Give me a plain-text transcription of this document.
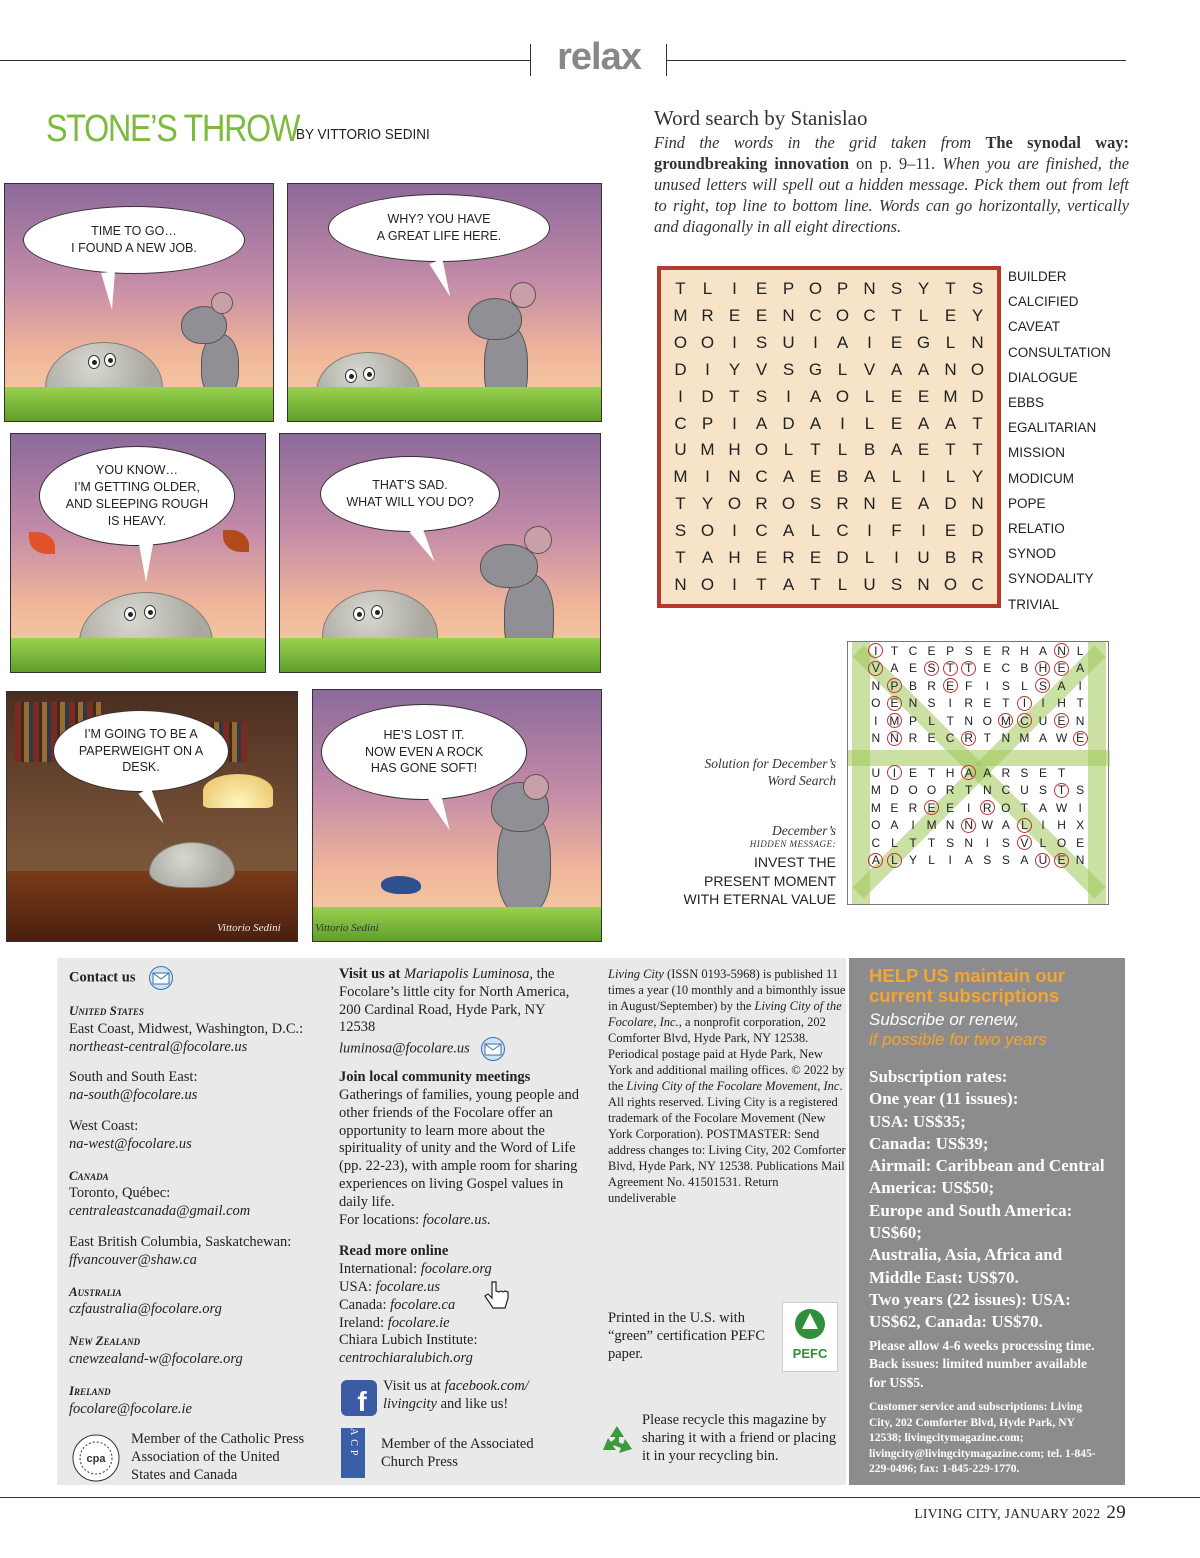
relax
STONE’S THROW
BY VITTORIO SEDINI
TIME TO GO…
I FOUND A NEW JOB.
WHY? YOU HAVE
A GREAT LIFE HERE.
YOU KNOW…
I’M GETTING OLDER,
AND SLEEPING ROUGH
IS HEAVY.
THAT’S SAD.
WHAT WILL YOU DO?
I’M GOING TO BE A
PAPERWEIGHT ON A DESK.
Vittorio Sedini
HE’S LOST IT.
NOW EVEN A ROCK
HAS GONE SOFT!
Vittorio Sedini
Word search by Stanislao
Find the words in the grid taken from The synodal way: groundbreaking innovation on p. 9–11. When you are finished, the unused letters will spell out a hidden message. Pick them out from left to right, top line to bottom line. Words can go horizontally, vertically and diagonally in all eight directions.
T	L	I	E P O P N S Y T S
M R E E N C O C T	L E Y
O O	I	S U	I	A	I	E G L N
D	I	Y V S G L V A A N O
I	D T S	I	A O L E E M D
C P	I	A D A	I	L E A A T
U M H O L	T	L B A E T T
M	I	N C A E B A L	I	L Y
T Y O R O S R N E A D N
S O	I	C A L C	I	F	I	E D
T A H E R E D L	I	U B R
N O	I	T A T	L U S N O C
BUILDER
CALCIFIED
CAVEAT
CONSULTATION
DIALOGUE
EBBS
EGALITARIAN
MISSION
MODICUM
POPE
RELATIO
SYNOD
SYNODALITY
TRIVIAL
I	T C E P S E R H A N L
V A E S T T E C B H E A
N P B R E F	I	S L S A	I
O E N S	I	R E T	I	I	H T
I M P L T N O M C U E N
N N R E C R T N M A W E
U	I	E T H A A R S E T
M D O O R T N C U S T S
M E R E E	I	R O T A W I
O A	I M N N W A L	I	H X
C L T T S N	I	S V L O E
A L Y L	I	A S S A U E N
Solution for December’s Word Search
December’s
HIDDEN MESSAGE:
INVEST THE
PRESENT MOMENT
WITH ETERNAL VALUE

Contact us

United States
East Coast, Midwest, Washington, D.C.:
northeast-central@focolare.us

South and South East:
na-south@focolare.us

West Coast:
na-west@focolare.us

Canada
Toronto, Québec:
centraleastcanada@gmail.com

East British Columbia, Saskatchewan:
ffvancouver@shaw.ca

Australia
czfaustralia@focolare.org

New Zealand
cnewzealand-w@focolare.org

Ireland
focolare@focolare.ie

cpa
Member of the Catholic Press Association of the United States and Canada

Visit us at Mariapolis Luminosa, the Focolare’s little city for North America, 200 Cardinal Road, Hyde Park, NY 12538
luminosa@focolare.us

Join local community meetings
Gatherings of families, young people and other friends of the Focolare offer an opportunity to learn more about the spirituality of unity and the Word of Life (pp. 22-23), with ample room for sharing experiences on living Gospel values in daily life.
For locations: focolare.us.

Read more online
International: focolare.org
USA: focolare.us
Canada: focolare.ca
Ireland: focolare.ie
Chiara Lubich Institute:
centrochiaralubich.org

f Visit us at facebook.com/ livingcity and like us!
ACP	Member of the Associated Church Press

Living City (ISSN 0193-5968) is published 11 times a year (10 monthly and a bimonthly issue in August/September) by the Living City of the Focolare, Inc., a nonprofit corporation, 202 Comforter Blvd, Hyde Park, NY 12538. Periodical postage paid at Hyde Park, New York and additional mailing offices. © 2022 by the Living City of the Focolare Movement, Inc. All rights reserved. Living City is a registered trademark of the Focolare Movement (New York Corporation). POSTMASTER: Send address changes to: Living City, 202 Comforter Blvd, Hyde Park, NY 12538. Publications Mail Agreement No. 41501531. Return undeliverable

Printed in the U.S. with “green” certification PEFC paper.	PEFC
Please recycle this magazine by sharing it with a friend or placing it in your recycling bin.
HELP US maintain our current subscriptions
Subscribe or renew,
if possible for two years
Subscription rates:
One year (11 issues):
USA: US$35;
Canada: US$39;
Airmail: Caribbean and Central America: US$50;
Europe and South America: US$60;
Australia, Asia, Africa and Middle East: US$70.
Two years (22 issues): USA: US$62, Canada: US$70.
Please allow 4-6 weeks processing time. Back issues: limited number available for US$5.
Customer service and subscriptions: Living City, 202 Comforter Blvd, Hyde Park, NY 12538; livingcitymagazine.com; livingcity@livingcitymagazine.com; tel. 1-845-229-0496; fax: 1-845-229-1770.
LIVING CITY, JANUARY 2022 29
